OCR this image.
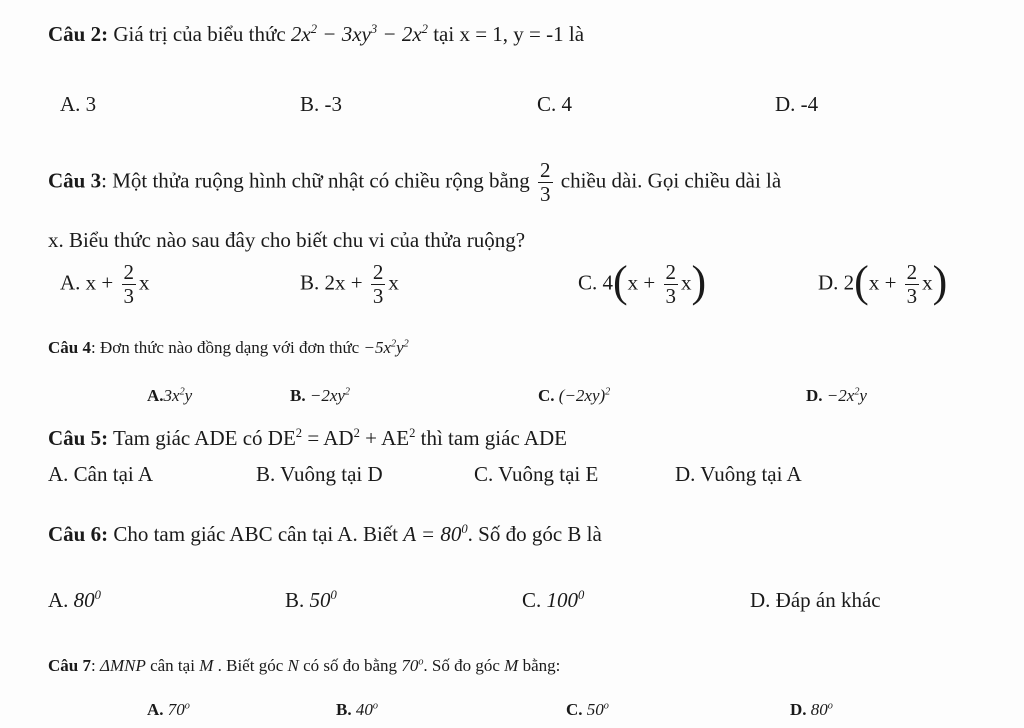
Câu 2: Giá trị của biểu thức $2x^2 - 3xy^3 - 2x^2$ tại x = 1, y = -1 là
A. 3	B. -3	C. 4	D. -4
Câu 3: Một thửa ruộng hình chữ nhật có chiều rộng bằng $\frac{2}{3}$ chiều dài. Gọi chiều dài là
x. Biểu thức nào sau đây cho biết chu vi của thửa ruộng?
A. $x + \frac{2}{3}$ x	B. $2x + \frac{2}{3}$ x	C. $4(x + \frac{2}{3} x)$	D. $2(x + \frac{2}{3} x)$
Câu 4: Đơn thức nào đồng dạng với đơn thức $-5x^2y^2$
$A.3x^2y$	B. $-2xy^2$	C. $(-2xy)^2$	D. $-2x^2y$
Câu 5: Tam giác ADE có $DE^2 = AD^2 + AE^2$ thì tam giác ADE
A. Cân tại A	B. Vuông tại D	C. Vuông tại E	D. Vuông tại A
Câu 6: Cho tam giác ABC cân tại A. Biết $A = 80^0$. Số đo góc B là
A. $80^0$	B. $50^0$	C. $100^0$	D. Đáp án khác
Câu 7: ΔMNP cân tại M . Biết góc N có số đo bằng 70$^o$. Số đo góc M bằng:
A. 70$^o$	B. 40$^o$	C. 50$^o$	D. 80$^o$
